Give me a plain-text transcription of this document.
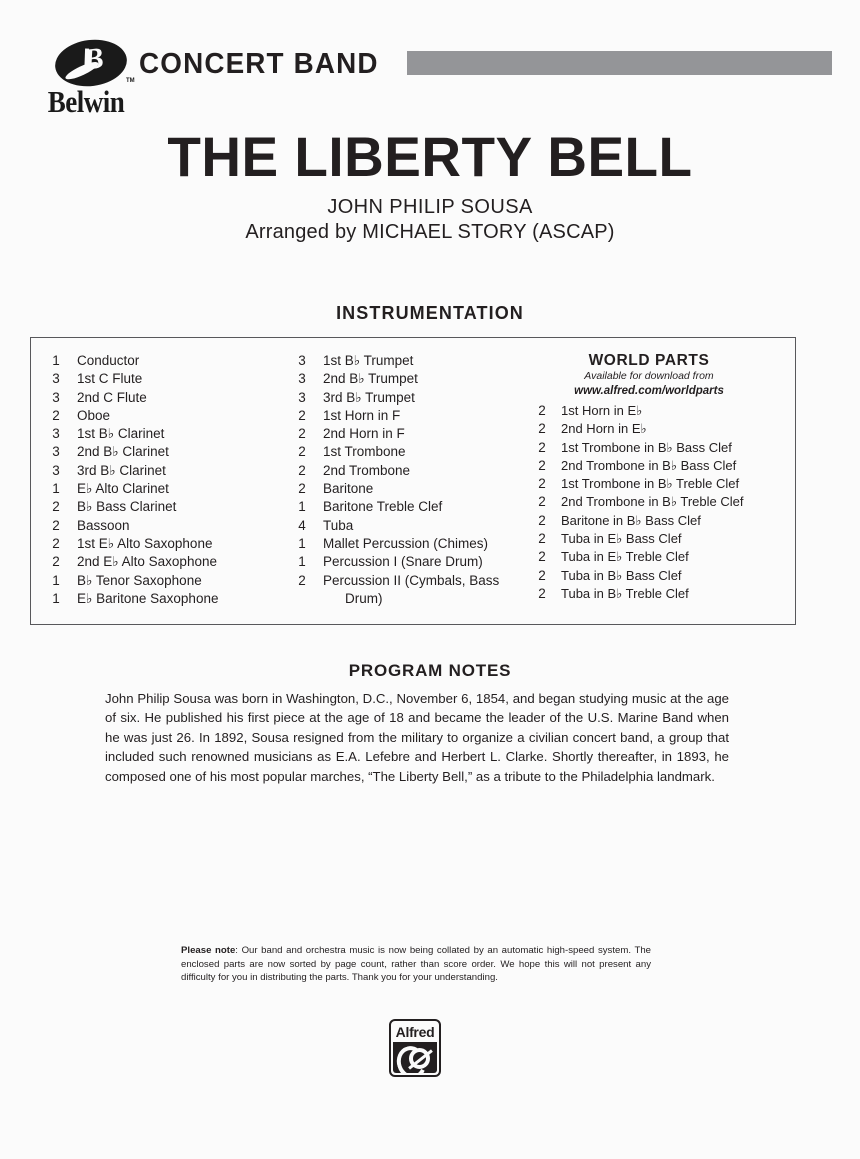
B
TM
Belwin
CONCERT BAND
THE LIBERTY BELL
JOHN PHILIP SOUSA
Arranged by MICHAEL STORY (ASCAP)
INSTRUMENTATION
1	Conductor
3	1st C Flute
3	2nd C Flute
2	Oboe
3	1st B♭ Clarinet
3	2nd B♭ Clarinet
3	3rd B♭ Clarinet
1	E♭ Alto Clarinet
2	B♭ Bass Clarinet
2	Bassoon
2	1st E♭ Alto Saxophone
2	2nd E♭ Alto Saxophone
1	B♭ Tenor Saxophone
1	E♭ Baritone Saxophone
3	1st B♭ Trumpet
3	2nd B♭ Trumpet
3	3rd B♭ Trumpet
2	1st Horn in F
2	2nd Horn in F
2	1st Trombone
2	2nd Trombone
2	Baritone
1	Baritone Treble Clef
4	Tuba
1	Mallet Percussion (Chimes)
1	Percussion I (Snare Drum)
2	Percussion II (Cymbals, Bass
Drum)
WORLD PARTS
Available for download from
www.alfred.com/worldparts
2	1st Horn in E♭
2	2nd Horn in E♭
2	1st Trombone in B♭ Bass Clef
2	2nd Trombone in B♭ Bass Clef
2	1st Trombone in B♭ Treble Clef
2	2nd Trombone in B♭ Treble Clef
2	Baritone in B♭ Bass Clef
2	Tuba in E♭ Bass Clef
2	Tuba in E♭ Treble Clef
2	Tuba in B♭ Bass Clef
2	Tuba in B♭ Treble Clef
PROGRAM NOTES
John Philip Sousa was born in Washington, D.C., November 6, 1854, and began studying music at the age of six. He published his first piece at the age of 18 and became the leader of the U.S. Marine Band when he was just 26. In 1892, Sousa resigned from the military to organize a civilian concert band, a group that included such renowned musicians as E.A. Lefebre and Herbert L. Clarke. Shortly thereafter, in 1893, he composed one of his most popular marches, “The Liberty Bell,” as a tribute to the Philadelphia landmark.
Please note: Our band and orchestra music is now being collated by an automatic high-speed system. The enclosed parts are now sorted by page count, rather than score order. We hope this will not present any difficulty for you in distributing the parts. Thank you for your understanding.
Alfred
